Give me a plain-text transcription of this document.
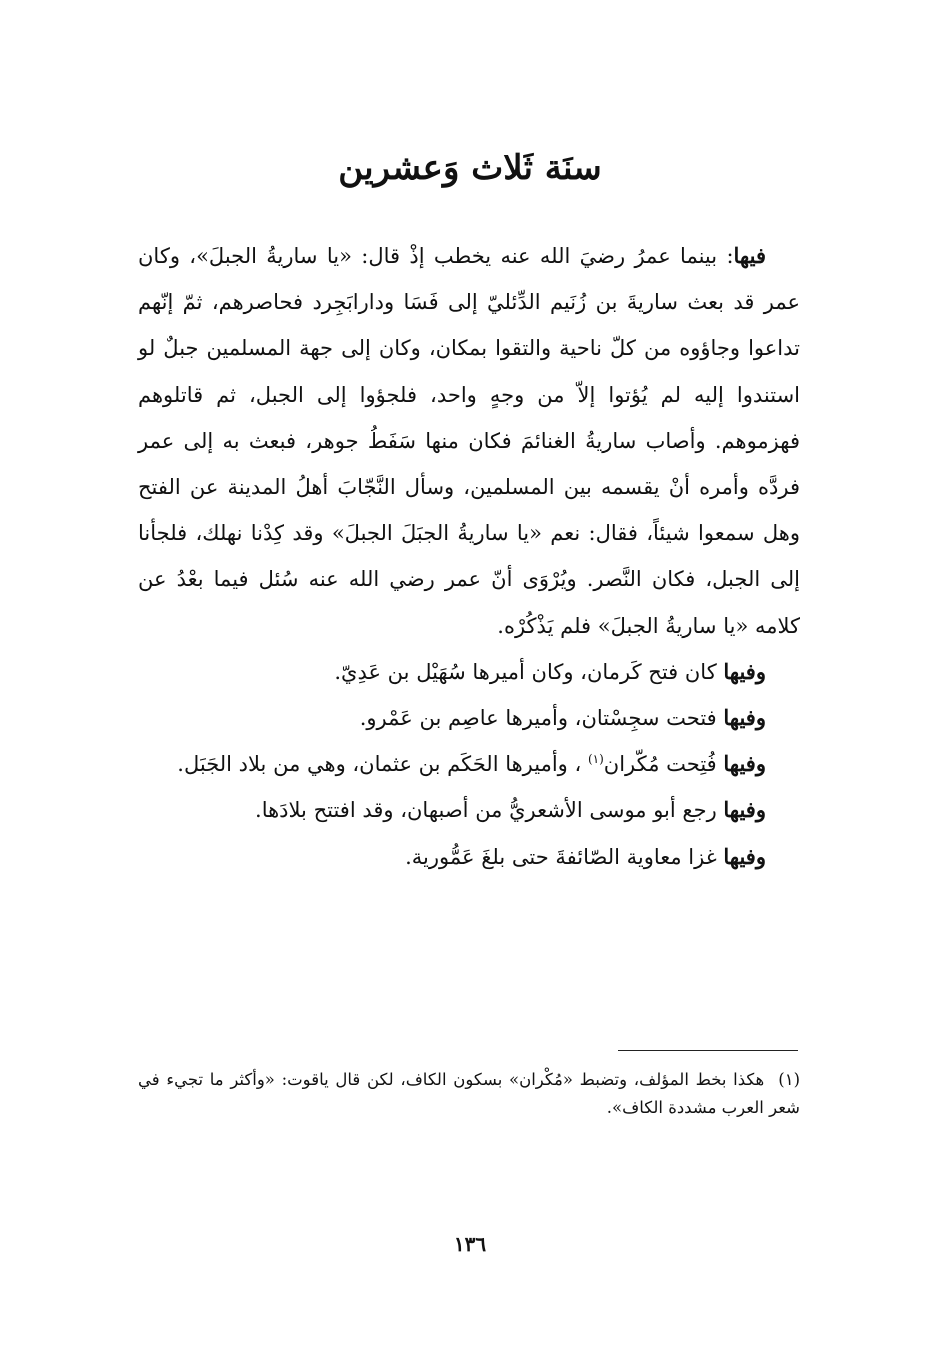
سنَة ثَلاث وَعشرين

فيها: بينما عمرُ رضيَ الله عنه يخطب إذْ قال: «يا ساريةُ الجبلَ»، وكان عمر قد بعث ساريةَ بن زُنَيم الدِّئليّ إلى فَسَا ودارابَجِرد فحاصرهم، ثمّ إنّهم تداعوا وجاؤوه من كلّ ناحية والتقوا بمكان، وكان إلى جهة المسلمين جبلٌ لو استندوا إليه لم يُؤتوا إلاّ من وجهٍ واحد، فلجؤوا إلى الجبل، ثم قاتلوهم فهزموهم. وأصاب ساريةُ الغنائمَ فكان منها سَفَطُ جوهر، فبعث به إلى عمر فردَّه وأمره أنْ يقسمه بين المسلمين، وسأل النَّجّابَ أهلُ المدينة عن الفتح وهل سمعوا شيئاً، فقال: نعم «يا ساريةُ الجبَلَ الجبلَ» وقد كِدْنا نهلك، فلجأنا إلى الجبل، فكان النَّصر. ويُرْوَى أنّ عمر رضي الله عنه سُئل فيما بعْدُ عن كلامه «يا ساريةُ الجبلَ» فلم يَذْكُرْه.

وفيها كان فتح كَرمان، وكان أميرها سُهَيْل بن عَدِيّ.

وفيها فتحت سجِسْتان، وأميرها عاصِم بن عَمْرو.

وفيها فُتِحت مُكّران$^{(١)}$ ، وأميرها الحَكَم بن عثمان، وهي من بلاد الجَبَل.

وفيها رجع أبو موسى الأشعريُّ من أصبهان، وقد افتتح بلادَها.

وفيها غزا معاوية الصّائفةَ حتى بلغَ عَمُّورية.

(١)هكذا بخط المؤلف، وتضبط «مُكْران» بسكون الكاف، لكن قال ياقوت: «وأكثر ما تجيء في شعر العرب مشددة الكاف».

١٣٦
